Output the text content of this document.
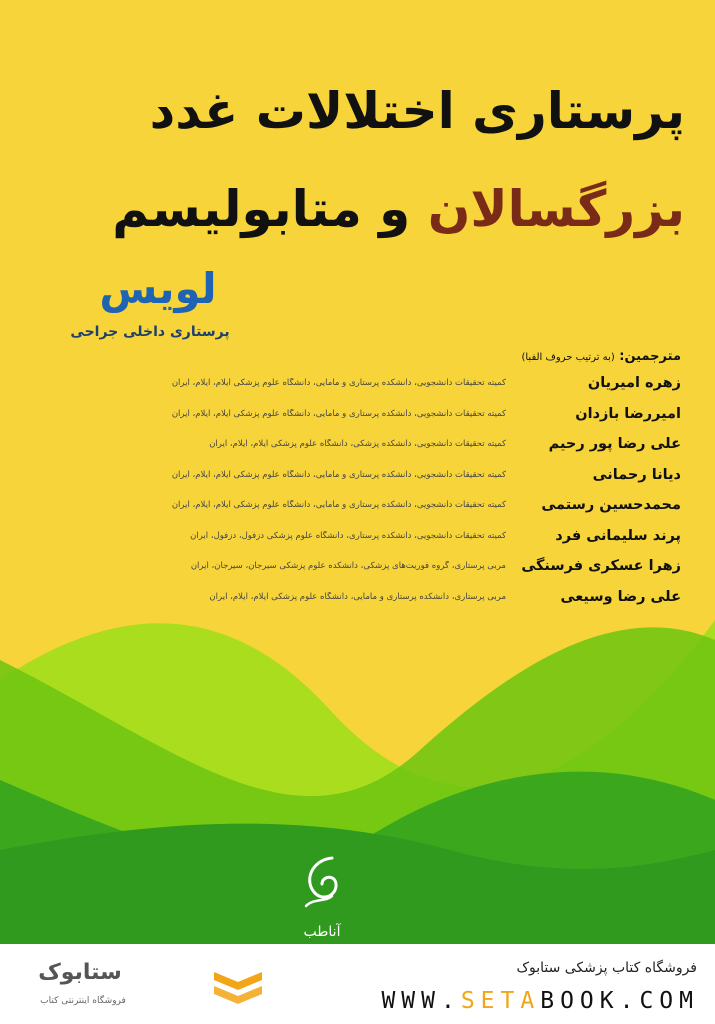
پرستاری اختلالات غدد
بزرگسالان و متابولیسم
لویس
پرستاری داخلی جراحی
مترجمین: (به ترتیب حروف الفبا)
زهره امیریان
کمیته تحقیقات دانشجویی، دانشکده پرستاری و مامایی، دانشگاه علوم پزشکی ایلام، ایلام، ایران
امیررضا بازدان
کمیته تحقیقات دانشجویی، دانشکده پرستاری و مامایی، دانشگاه علوم پزشکی ایلام، ایلام، ایران
علی رضا پور رحیم
کمیته تحقیقات دانشجویی، دانشکده پزشکی، دانشگاه علوم پزشکی ایلام، ایلام، ایران
دیانا رحمانی
کمیته تحقیقات دانشجویی، دانشکده پرستاری و مامایی، دانشگاه علوم پزشکی ایلام، ایلام، ایران
محمدحسین رستمی
کمیته تحقیقات دانشجویی، دانشکده پرستاری و مامایی، دانشگاه علوم پزشکی ایلام، ایلام، ایران
پرند سلیمانی فرد
کمیته تحقیقات دانشجویی، دانشکده پرستاری، دانشگاه علوم پزشکی دزفول، دزفول، ایران
زهرا عسکری فرسنگی
مربی پرستاری، گروه فوریت‌های پزشکی، دانشکده علوم پزشکی سیرجان، سیرجان، ایران
علی رضا وسیعی
مربی پرستاری، دانشکده پرستاری و مامایی، دانشگاه علوم پزشکی ایلام، ایلام، ایران
آناطب
ستابوک
فروشگاه اینترنتی کتاب
فروشگاه کتاب پزشکی ستابوک
WWW.SETABOOK.COM
